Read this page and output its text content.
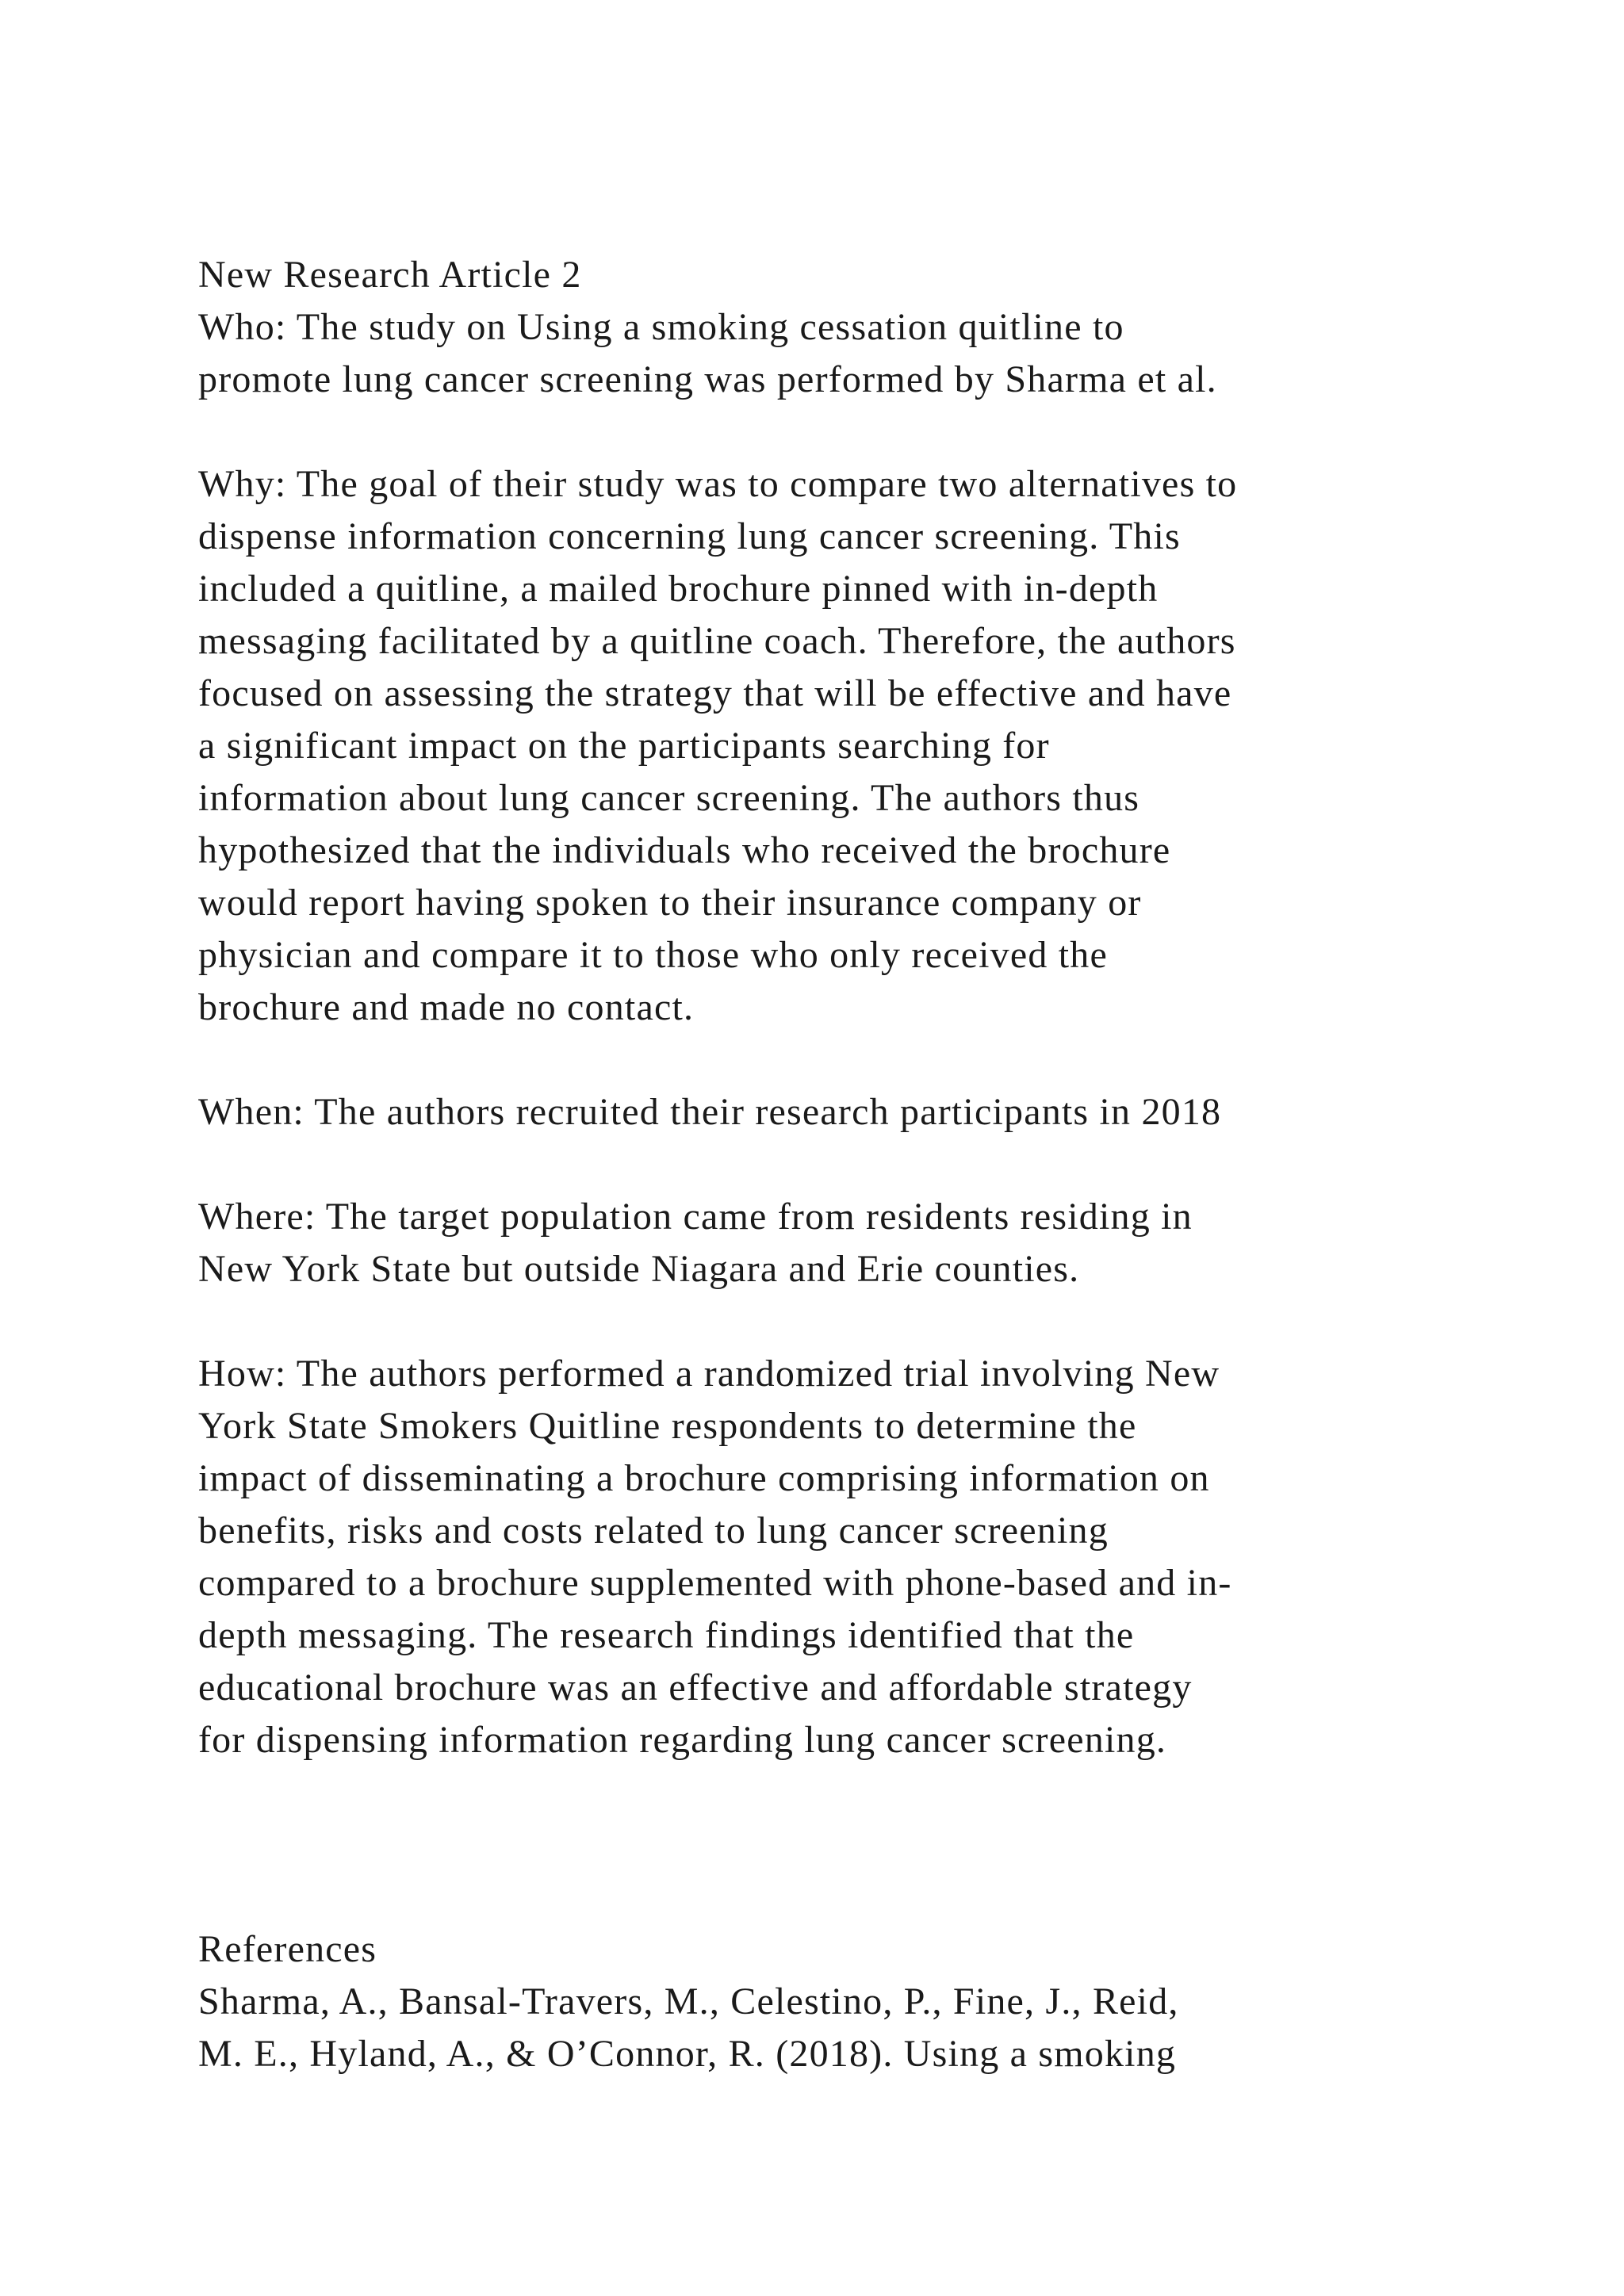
New Research Article 2
Who: The study on Using a smoking cessation quitline to
promote lung cancer screening was performed by Sharma et al.
Why: The goal of their study was to compare two alternatives to
dispense information concerning lung cancer screening. This
included a quitline, a mailed brochure pinned with in-depth
messaging facilitated by a quitline coach. Therefore, the authors
focused on assessing the strategy that will be effective and have
a significant impact on the participants searching for
information about lung cancer screening. The authors thus
hypothesized that the individuals who received the brochure
would report having spoken to their insurance company or
physician and compare it to those who only received the
brochure and made no contact.
When: The authors recruited their research participants in 2018
Where: The target population came from residents residing in
New York State but outside Niagara and Erie counties.
How: The authors performed a randomized trial involving New
York State Smokers Quitline respondents to determine the
impact of disseminating a brochure comprising information on
benefits, risks and costs related to lung cancer screening
compared to a brochure supplemented with phone-based and in-
depth messaging. The research findings identified that the
educational brochure was an effective and affordable strategy
for dispensing information regarding lung cancer screening.
References
Sharma, A., Bansal-Travers, M., Celestino, P., Fine, J., Reid,
M. E., Hyland, A., & O’Connor, R. (2018). Using a smoking
